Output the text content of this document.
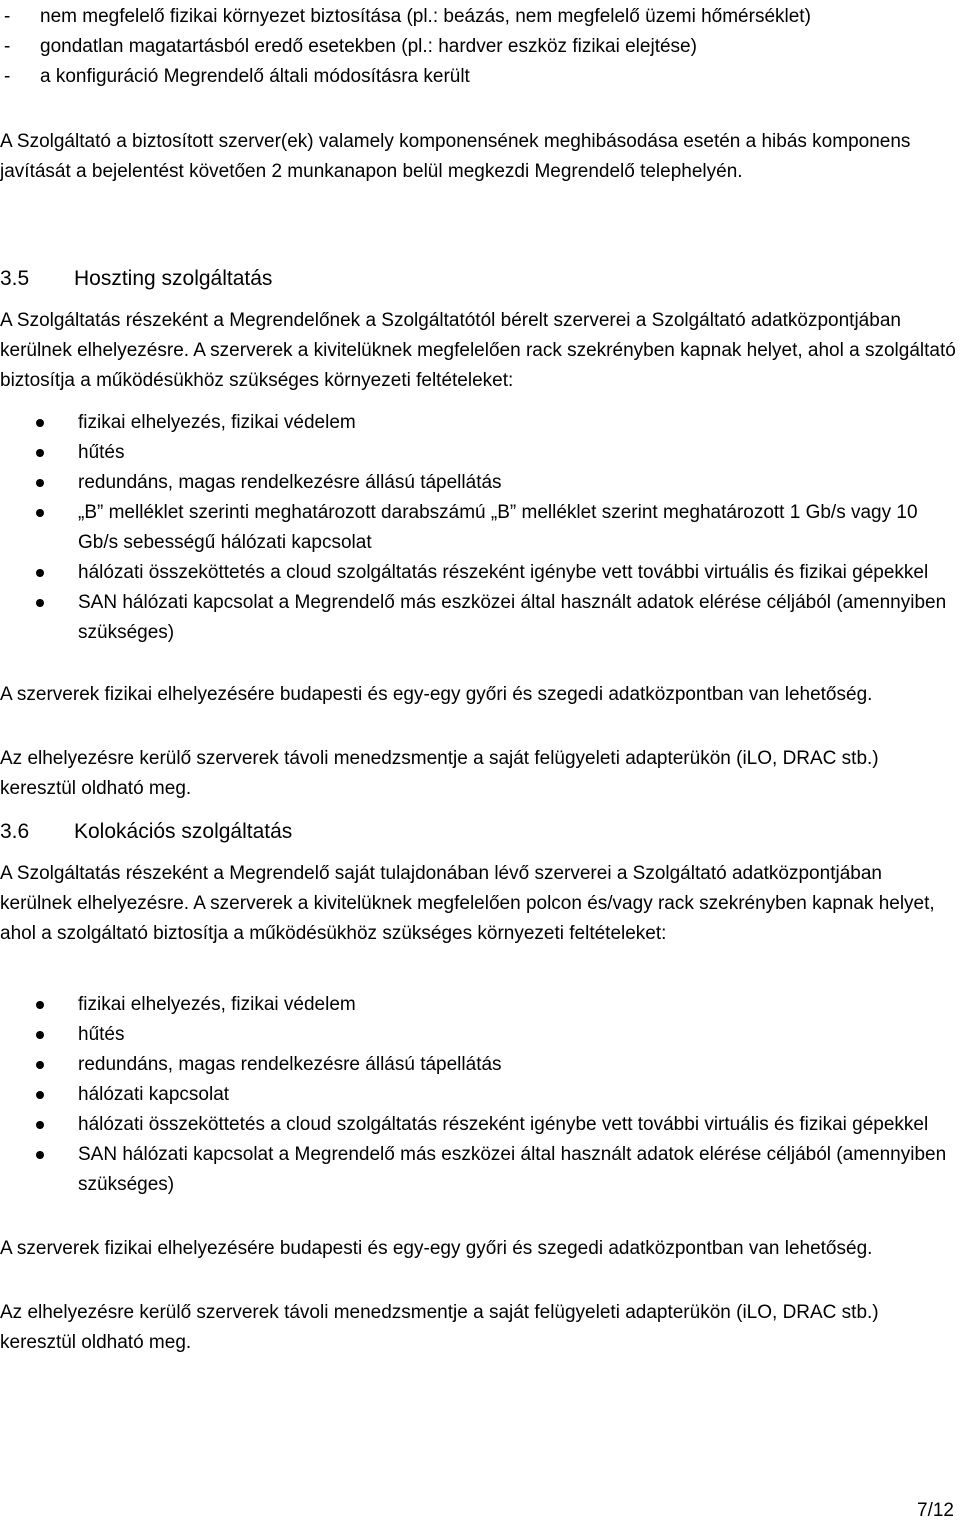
-	nem megfelelő fizikai környezet biztosítása (pl.: beázás, nem megfelelő üzemi hőmérséklet)
-	gondatlan magatartásból eredő esetekben (pl.: hardver eszköz fizikai elejtése)
-	a konfiguráció Megrendelő általi módosításra került
A Szolgáltató a biztosított szerver(ek) valamely komponensének meghibásodása esetén a hibás komponens javítását a bejelentést követően 2 munkanapon belül megkezdi Megrendelő telephelyén.
3.5 Hoszting szolgáltatás
A Szolgáltatás részeként a Megrendelőnek a Szolgáltatótól bérelt szerverei a Szolgáltató adatközpontjában kerülnek elhelyezésre. A szerverek a kivitelüknek megfelelően rack szekrényben kapnak helyet, ahol a szolgáltató biztosítja a működésükhöz szükséges környezeti feltételeket:
fizikai elhelyezés, fizikai védelem
hűtés
redundáns, magas rendelkezésre állású tápellátás
„B” melléklet szerinti meghatározott darabszámú „B” melléklet szerint meghatározott 1 Gb/s vagy 10 Gb/s sebességű hálózati kapcsolat
hálózati összeköttetés a cloud szolgáltatás részeként igénybe vett további virtuális és fizikai gépekkel
SAN hálózati kapcsolat a Megrendelő más eszközei által használt adatok elérése céljából (amennyiben szükséges)
A szerverek fizikai elhelyezésére budapesti és egy-egy győri és szegedi adatközpontban van lehetőség.
Az elhelyezésre kerülő szerverek távoli menedzsmentje a saját felügyeleti adapterükön (iLO, DRAC stb.) keresztül oldható meg.
3.6 Kolokációs szolgáltatás
A Szolgáltatás részeként a Megrendelő saját tulajdonában lévő szerverei a Szolgáltató adatközpontjában kerülnek elhelyezésre. A szerverek a kivitelüknek megfelelően polcon és/vagy rack szekrényben kapnak helyet, ahol a szolgáltató biztosítja a működésükhöz szükséges környezeti feltételeket:
fizikai elhelyezés, fizikai védelem
hűtés
redundáns, magas rendelkezésre állású tápellátás
hálózati kapcsolat
hálózati összeköttetés a cloud szolgáltatás részeként igénybe vett további virtuális és fizikai gépekkel
SAN hálózati kapcsolat a Megrendelő más eszközei által használt adatok elérése céljából (amennyiben szükséges)
A szerverek fizikai elhelyezésére budapesti és egy-egy győri és szegedi adatközpontban van lehetőség.
Az elhelyezésre kerülő szerverek távoli menedzsmentje a saját felügyeleti adapterükön (iLO, DRAC stb.) keresztül oldható meg.
7/12
